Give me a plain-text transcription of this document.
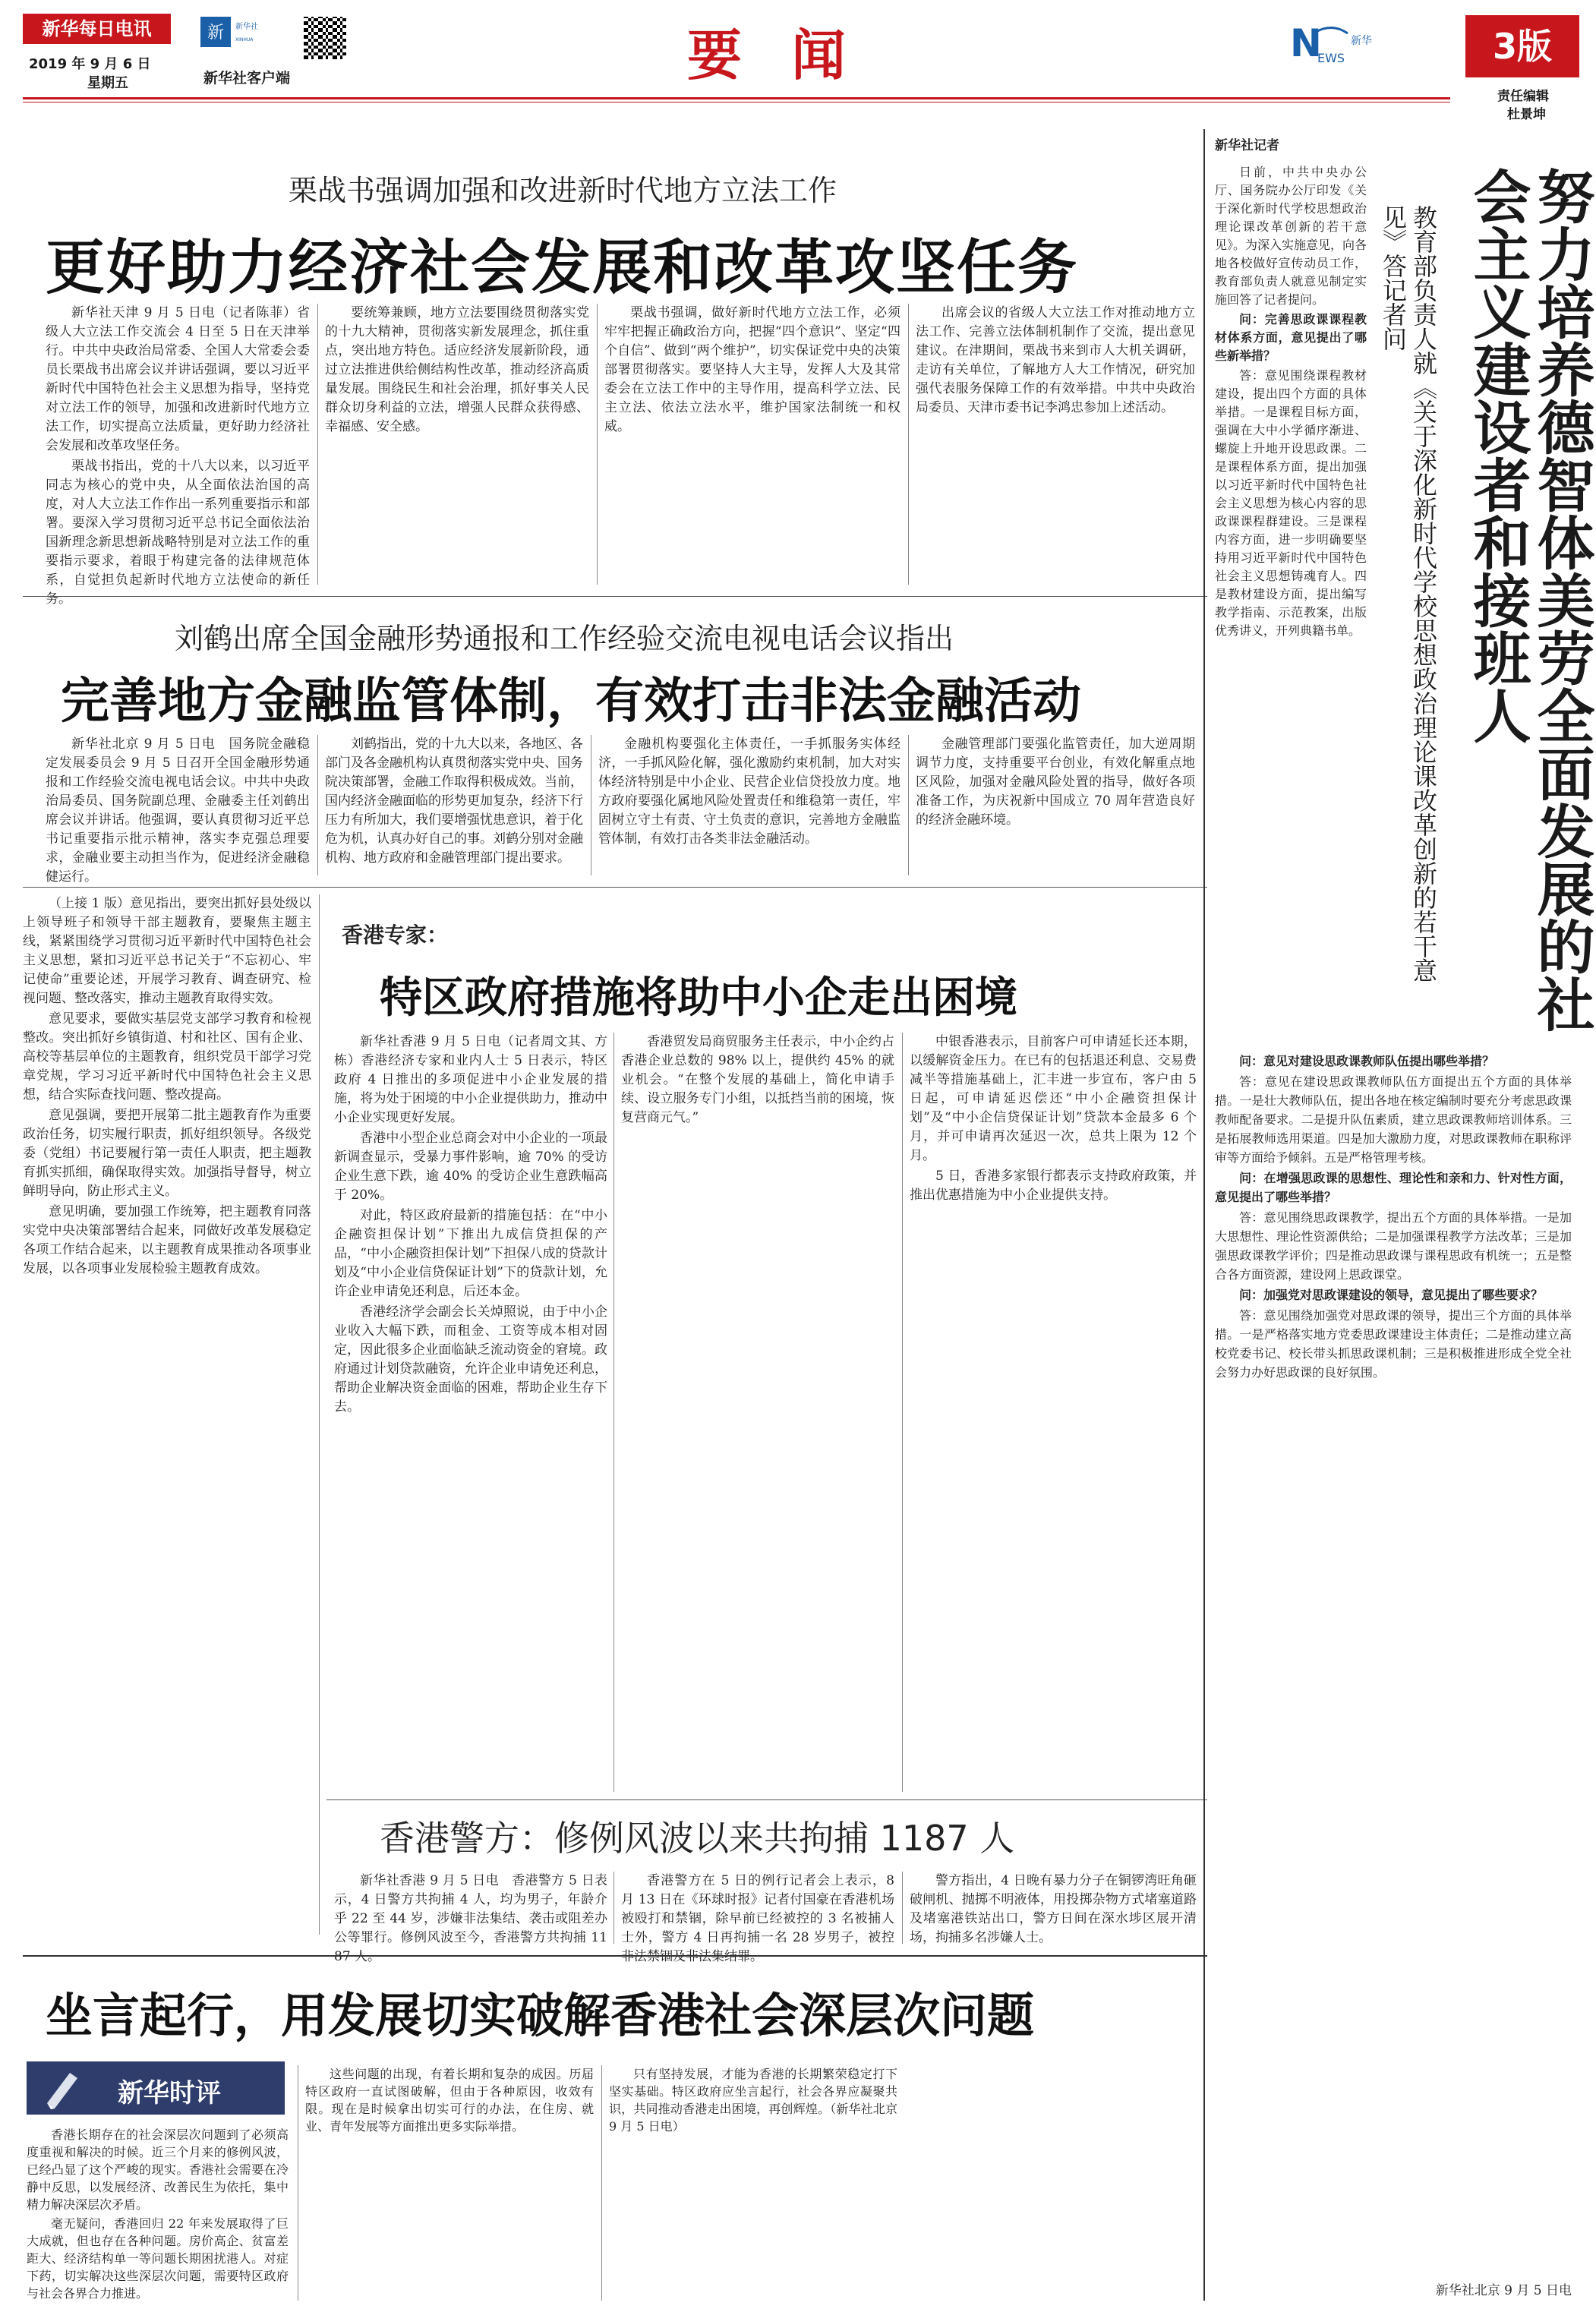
新华每日电讯
2019 年 9 月 6 日
星期五
新 新华社
XINHUA
新华社客户端	要 闻	N
EWS
新华	3版
责任编辑
杜景坤
栗战书强调加强和改进新时代地方立法工作
更好助力经济社会发展和改革攻坚任务

新华社天津 9 月 5 日电（记者陈菲）省级人大立法工作交流会 4 日至 5 日在天津举行。中共中央政治局常委、全国人大常委会委员长栗战书出席会议并讲话强调，要以习近平新时代中国特色社会主义思想为指导，坚持党对立法工作的领导，加强和改进新时代地方立法工作，切实提高立法质量，更好助力经济社会发展和改革攻坚任务。

栗战书指出，党的十八大以来，以习近平同志为核心的党中央，从全面依法治国的高度，对人大立法工作作出一系列重要指示和部署。要深入学习贯彻习近平总书记全面依法治国新理念新思想新战略特别是对立法工作的重要指示要求，着眼于构建完备的法律规范体系，自觉担负起新时代地方立法使命的新任务。

要统筹兼顾，地方立法要围绕贯彻落实党的十九大精神，贯彻落实新发展理念，抓住重点，突出地方特色。适应经济发展新阶段，通过立法推进供给侧结构性改革，推动经济高质量发展。围绕民生和社会治理，抓好事关人民群众切身利益的立法，增强人民群众获得感、幸福感、安全感。

栗战书强调，做好新时代地方立法工作，必须牢牢把握正确政治方向，把握“四个意识”、坚定“四个自信”、做到“两个维护”，切实保证党中央的决策部署贯彻落实。要坚持人大主导，发挥人大及其常委会在立法工作中的主导作用，提高科学立法、民主立法、依法立法水平，维护国家法制统一和权威。

出席会议的省级人大立法工作对推动地方立法工作、完善立法体制机制作了交流，提出意见建议。在津期间，栗战书来到市人大机关调研，走访有关单位，了解地方人大工作情况，研究加强代表服务保障工作的有效举措。中共中央政治局委员、天津市委书记李鸿忠参加上述活动。

刘鹤出席全国金融形势通报和工作经验交流电视电话会议指出
完善地方金融监管体制，有效打击非法金融活动

新华社北京 9 月 5 日电　国务院金融稳定发展委员会 9 月 5 日召开全国金融形势通报和工作经验交流电视电话会议。中共中央政治局委员、国务院副总理、金融委主任刘鹤出席会议并讲话。他强调，要认真贯彻习近平总书记重要指示批示精神，落实李克强总理要求，金融业要主动担当作为，促进经济金融稳健运行。

刘鹤指出，党的十九大以来，各地区、各部门及各金融机构认真贯彻落实党中央、国务院决策部署，金融工作取得积极成效。当前，国内经济金融面临的形势更加复杂，经济下行压力有所加大，我们要增强忧患意识，着于化危为机，认真办好自己的事。刘鹤分别对金融机构、地方政府和金融管理部门提出要求。

金融机构要强化主体责任，一手抓服务实体经济，一手抓风险化解，强化激励约束机制，加大对实体经济特别是中小企业、民营企业信贷投放力度。地方政府要强化属地风险处置责任和维稳第一责任，牢固树立守土有责、守土负责的意识，完善地方金融监管体制，有效打击各类非法金融活动。

金融管理部门要强化监管责任，加大逆周期调节力度，支持重要平台创业，有效化解重点地区风险，加强对金融风险处置的指导，做好各项准备工作，为庆祝新中国成立 70 周年营造良好的经济金融环境。

（上接 1 版）意见指出，要突出抓好县处级以上领导班子和领导干部主题教育，要聚焦主题主线，紧紧围绕学习贯彻习近平新时代中国特色社会主义思想，紧扣习近平总书记关于“不忘初心、牢记使命”重要论述，开展学习教育、调查研究、检视问题、整改落实，推动主题教育取得实效。

意见要求，要做实基层党支部学习教育和检视整改。突出抓好乡镇街道、村和社区、国有企业、高校等基层单位的主题教育，组织党员干部学习党章党规，学习习近平新时代中国特色社会主义思想，结合实际查找问题、整改提高。

意见强调，要把开展第二批主题教育作为重要政治任务，切实履行职责，抓好组织领导。各级党委（党组）书记要履行第一责任人职责，把主题教育抓实抓细，确保取得实效。加强指导督导，树立鲜明导向，防止形式主义。

意见明确，要加强工作统筹，把主题教育同落实党中央决策部署结合起来，同做好改革发展稳定各项工作结合起来，以主题教育成果推动各项事业发展，以各项事业发展检验主题教育成效。

香港专家：
特区政府措施将助中小企走出困境

新华社香港 9 月 5 日电（记者周文其、方栋）香港经济专家和业内人士 5 日表示，特区政府 4 日推出的多项促进中小企业发展的措施，将为处于困境的中小企业提供助力，推动中小企业实现更好发展。

香港中小型企业总商会对中小企业的一项最新调查显示，受暴力事件影响，逾 70% 的受访企业生意下跌，逾 40% 的受访企业生意跌幅高于 20%。

对此，特区政府最新的措施包括：在“中小企融资担保计划”下推出九成信贷担保的产品，“中小企融资担保计划”下担保八成的贷款计划及“中小企业信贷保证计划”下的贷款计划，允许企业申请免还利息，后还本金。

香港经济学会副会长关焯照说，由于中小企业收入大幅下跌，而租金、工资等成本相对固定，因此很多企业面临缺乏流动资金的窘境。政府通过计划贷款融资，允许企业申请免还利息，帮助企业解决资金面临的困难，帮助企业生存下去。

香港贸发局商贸服务主任表示，中小企约占香港企业总数的 98% 以上，提供约 45% 的就业机会。“在整个发展的基础上，简化申请手续、设立服务专门小组，以抵挡当前的困境，恢复营商元气。”

中银香港表示，目前客户可申请延长还本期，以缓解资金压力。在已有的包括退还利息、交易费减半等措施基础上，汇丰进一步宣布，客户由 5 日起，可申请延迟偿还“中小企融资担保计划”及“中小企信贷保证计划”贷款本金最多 6 个月，并可申请再次延迟一次，总共上限为 12 个月。

5 日，香港多家银行都表示支持政府政策，并推出优惠措施为中小企业提供支持。

香港警方：修例风波以来共拘捕 1187 人

新华社香港 9 月 5 日电　香港警方 5 日表示，4 日警方共拘捕 4 人，均为男子，年龄介乎 22 至 44 岁，涉嫌非法集结、袭击或阻差办公等罪行。修例风波至今，香港警方共拘捕 1187 人。

香港警方在 5 日的例行记者会上表示，8 月 13 日在《环球时报》记者付国豪在香港机场被殴打和禁锢，除早前已经被控的 3 名被捕人士外，警方 4 日再拘捕一名 28 岁男子，被控非法禁锢及非法集结罪。

警方指出，4 日晚有暴力分子在铜锣湾旺角砸破闸机、抛掷不明液体，用投掷杂物方式堵塞道路及堵塞港铁站出口，警方日间在深水埗区展开清场，拘捕多名涉嫌人士。

坐言起行，用发展切实破解香港社会深层次问题
新华时评

香港长期存在的社会深层次问题到了必须高度重视和解决的时候。近三个月来的修例风波，已经凸显了这个严峻的现实。香港社会需要在冷静中反思，以发展经济、改善民生为依托，集中精力解决深层次矛盾。

毫无疑问，香港回归 22 年来发展取得了巨大成就，但也存在各种问题。房价高企、贫富差距大、经济结构单一等问题长期困扰港人。对症下药，切实解决这些深层次问题，需要特区政府与社会各界合力推进。

这些问题的出现，有着长期和复杂的成因。历届特区政府一直试图破解，但由于各种原因，收效有限。现在是时候拿出切实可行的办法，在住房、就业、青年发展等方面推出更多实际举措。

只有坚持发展，才能为香港的长期繁荣稳定打下坚实基础。特区政府应坐言起行，社会各界应凝聚共识，共同推动香港走出困境，再创辉煌。（新华社北京 9 月 5 日电）

努力培养德智体美劳全面发展的社会主义建设者和接班人
教育部负责人就《关于深化新时代学校思想政治理论课改革创新的若干意见》答记者问
新华社记者

日前，中共中央办公厅、国务院办公厅印发《关于深化新时代学校思想政治理论课改革创新的若干意见》。为深入实施意见，向各地各校做好宣传动员工作，教育部负责人就意见制定实施回答了记者提问。

问：完善思政课课程教材体系方面，意见提出了哪些新举措？

答：意见围绕课程教材建设，提出四个方面的具体举措。一是课程目标方面，强调在大中小学循序渐进、螺旋上升地开设思政课。二是课程体系方面，提出加强以习近平新时代中国特色社会主义思想为核心内容的思政课课程群建设。三是课程内容方面，进一步明确要坚持用习近平新时代中国特色社会主义思想铸魂育人。四是教材建设方面，提出编写教学指南、示范教案，出版优秀讲义，开列典籍书单。

问：意见对建设思政课教师队伍提出哪些举措？

答：意见在建设思政课教师队伍方面提出五个方面的具体举措。一是壮大教师队伍，提出各地在核定编制时要充分考虑思政课教师配备要求。二是提升队伍素质，建立思政课教师培训体系。三是拓展教师选用渠道。四是加大激励力度，对思政课教师在职称评审等方面给予倾斜。五是严格管理考核。

问：在增强思政课的思想性、理论性和亲和力、针对性方面，意见提出了哪些举措？

答：意见围绕思政课教学，提出五个方面的具体举措。一是加大思想性、理论性资源供给；二是加强课程教学方法改革；三是加强思政课教学评价；四是推动思政课与课程思政有机统一；五是整合各方面资源，建设网上思政课堂。

问：加强党对思政课建设的领导，意见提出了哪些要求？

答：意见围绕加强党对思政课的领导，提出三个方面的具体举措。一是严格落实地方党委思政课建设主体责任；二是推动建立高校党委书记、校长带头抓思政课机制；三是积极推进形成全党全社会努力办好思政课的良好氛围。

新华社北京 9 月 5 日电
